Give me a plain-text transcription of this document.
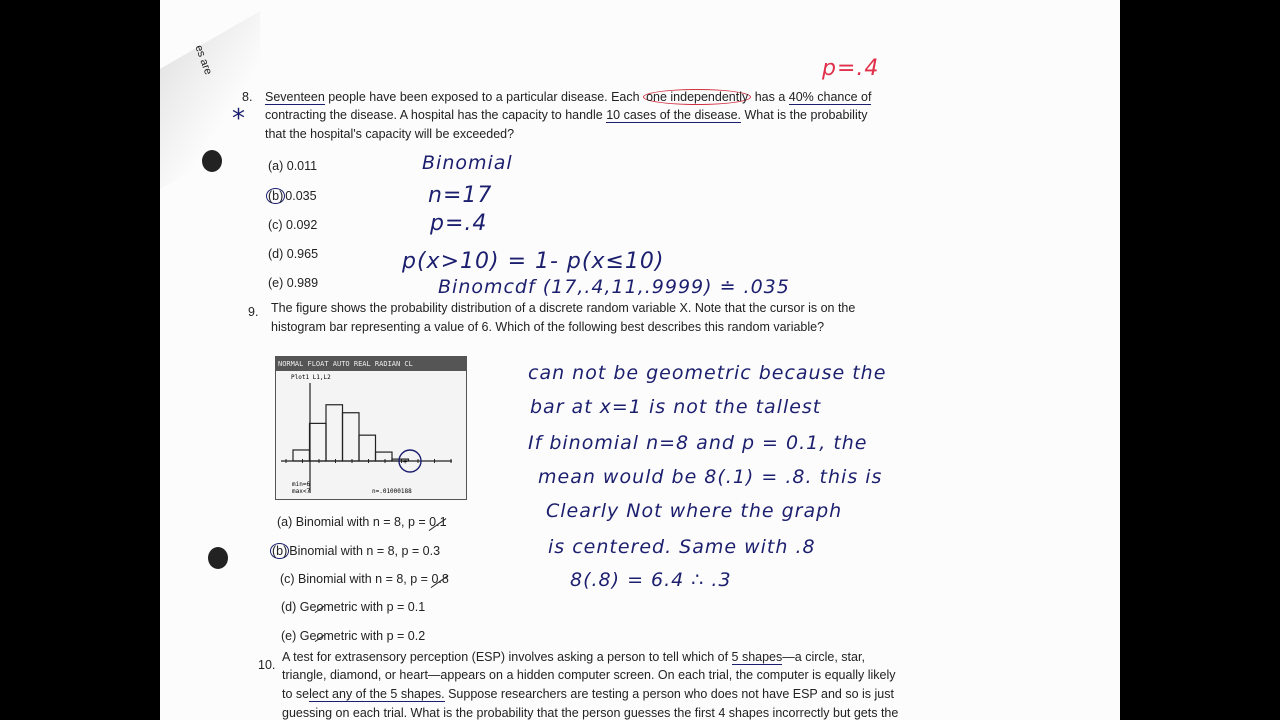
es are
8. Seventeen people have been exposed to a particular disease. Each one independently has a 40% chance of
contracting the disease. A hospital has the capacity to handle 10 cases of the disease. What is the probability
that the hospital's capacity will be exceeded?
(a) 0.011
(b) 0.035
(c) 0.092
(d) 0.965
(e) 0.989
p=.4
*
Binomial
n=17
p=.4
p(x>10) = 1- p(x≤10)
Binomcdf (17,.4,11,.9999) ≐ .035
9. The figure shows the probability distribution of a discrete random variable X. Note that the cursor is on the
histogram bar representing a value of 6. Which of the following best describes this random variable?
NORMAL FLOAT AUTO REAL RADIAN CL
Plot1 L1,L2
+
min=6
max<7	n=.01000188
(a) Binomial with n = 8, p = 0.1
(b) Binomial with n = 8, p = 0.3
(c) Binomial with n = 8, p = 0.8
(d) Geometric with p = 0.1
(e) Geometric with p = 0.2
can not be geometric because the
bar at x=1 is not the tallest
If binomial n=8 and p = 0.1, the
mean would be 8(.1) = .8. this is
Clearly Not where the graph
is centered. Same with .8
8(.8) = 6.4 ∴ .3
10.
A test for extrasensory perception (ESP) involves asking a person to tell which of 5 shapes—a circle, star,
triangle, diamond, or heart—appears on a hidden computer screen. On each trial, the computer is equally likely
to select any of the 5 shapes. Suppose researchers are testing a person who does not have ESP and so is just
guessing on each trial. What is the probability that the person guesses the first 4 shapes incorrectly but gets the
